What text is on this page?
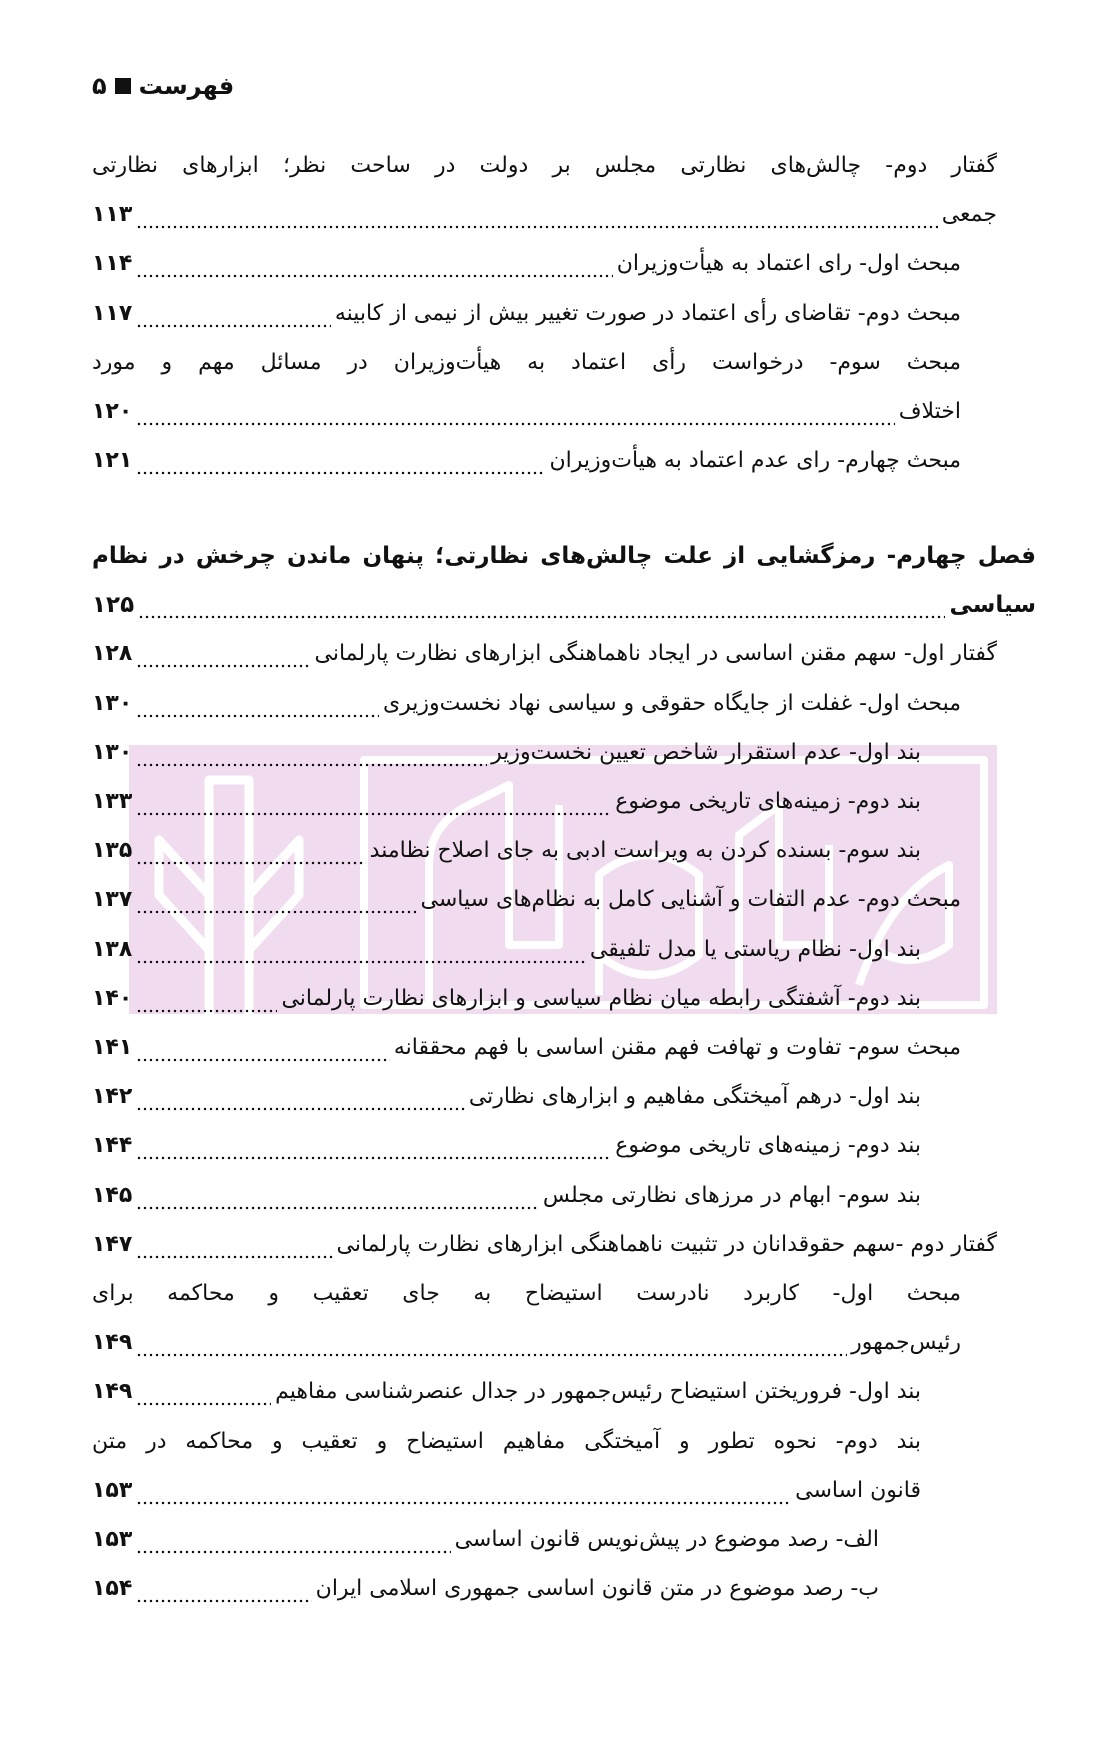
فهرست
۵
گفتار دوم- چالش‌های نظارتی مجلس بر دولت در ساحت نظر؛ ابزارهای نظارتی
جمعی
۱۱۳
مبحث اول- رای اعتماد به هیأت‌وزیران
۱۱۴
مبحث دوم- تقاضای رأی اعتماد در صورت تغییر بیش از نیمی از کابینه
۱۱۷
مبحث سوم- درخواست رأی اعتماد به هیأت‌وزیران در مسائل مهم و مورد
اختلاف
۱۲۰
مبحث چهارم- رای عدم اعتماد به هیأت‌وزیران
۱۲۱
فصل چهارم- رمزگشایی از علت چالش‌های نظارتی؛ پنهان ماندن چرخش در نظام
سیاسی
۱۲۵
گفتار اول- سهم مقنن اساسی در ایجاد ناهماهنگی ابزارهای نظارت پارلمانی
۱۲۸
مبحث اول- غفلت از جایگاه حقوقی و سیاسی نهاد نخست‌وزیری
۱۳۰
بند اول- عدم استقرار شاخص تعیین نخست‌وزیر
۱۳۰
بند دوم- زمینه‌های تاریخی موضوع
۱۳۳
بند سوم- بسنده کردن به ویراست ادبی به جای اصلاح نظامند
۱۳۵
مبحث دوم- عدم التفات و آشنایی کامل به نظام‌های سیاسی
۱۳۷
بند اول- نظام ریاستی یا مدل تلفیقی
۱۳۸
بند دوم- آشفتگی رابطه میان نظام سیاسی و ابزارهای نظارت پارلمانی
۱۴۰
مبحث سوم- تفاوت و تهافت فهم مقنن اساسی با فهم محققانه
۱۴۱
بند اول- درهم آمیختگی مفاهیم و ابزارهای نظارتی
۱۴۲
بند دوم- زمینه‌های تاریخی موضوع
۱۴۴
بند سوم- ابهام در مرزهای نظارتی مجلس
۱۴۵
گفتار دوم -سهم حقوقدانان در تثبیت ناهماهنگی ابزارهای نظارت پارلمانی
۱۴۷
مبحث اول- کاربرد نادرست استیضاح به جای تعقیب و محاکمه برای
رئیس‌جمهور
۱۴۹
بند اول- فروریختن استیضاح رئیس‌جمهور در جدال عنصرشناسی مفاهیم
۱۴۹
بند دوم- نحوه تطور و آمیختگی مفاهیم استیضاح و تعقیب و محاکمه در متن
قانون اساسی
۱۵۳
الف- رصد موضوع در پیش‌نویس قانون اساسی
۱۵۳
ب- رصد موضوع در متن قانون اساسی جمهوری اسلامی ایران
۱۵۴
